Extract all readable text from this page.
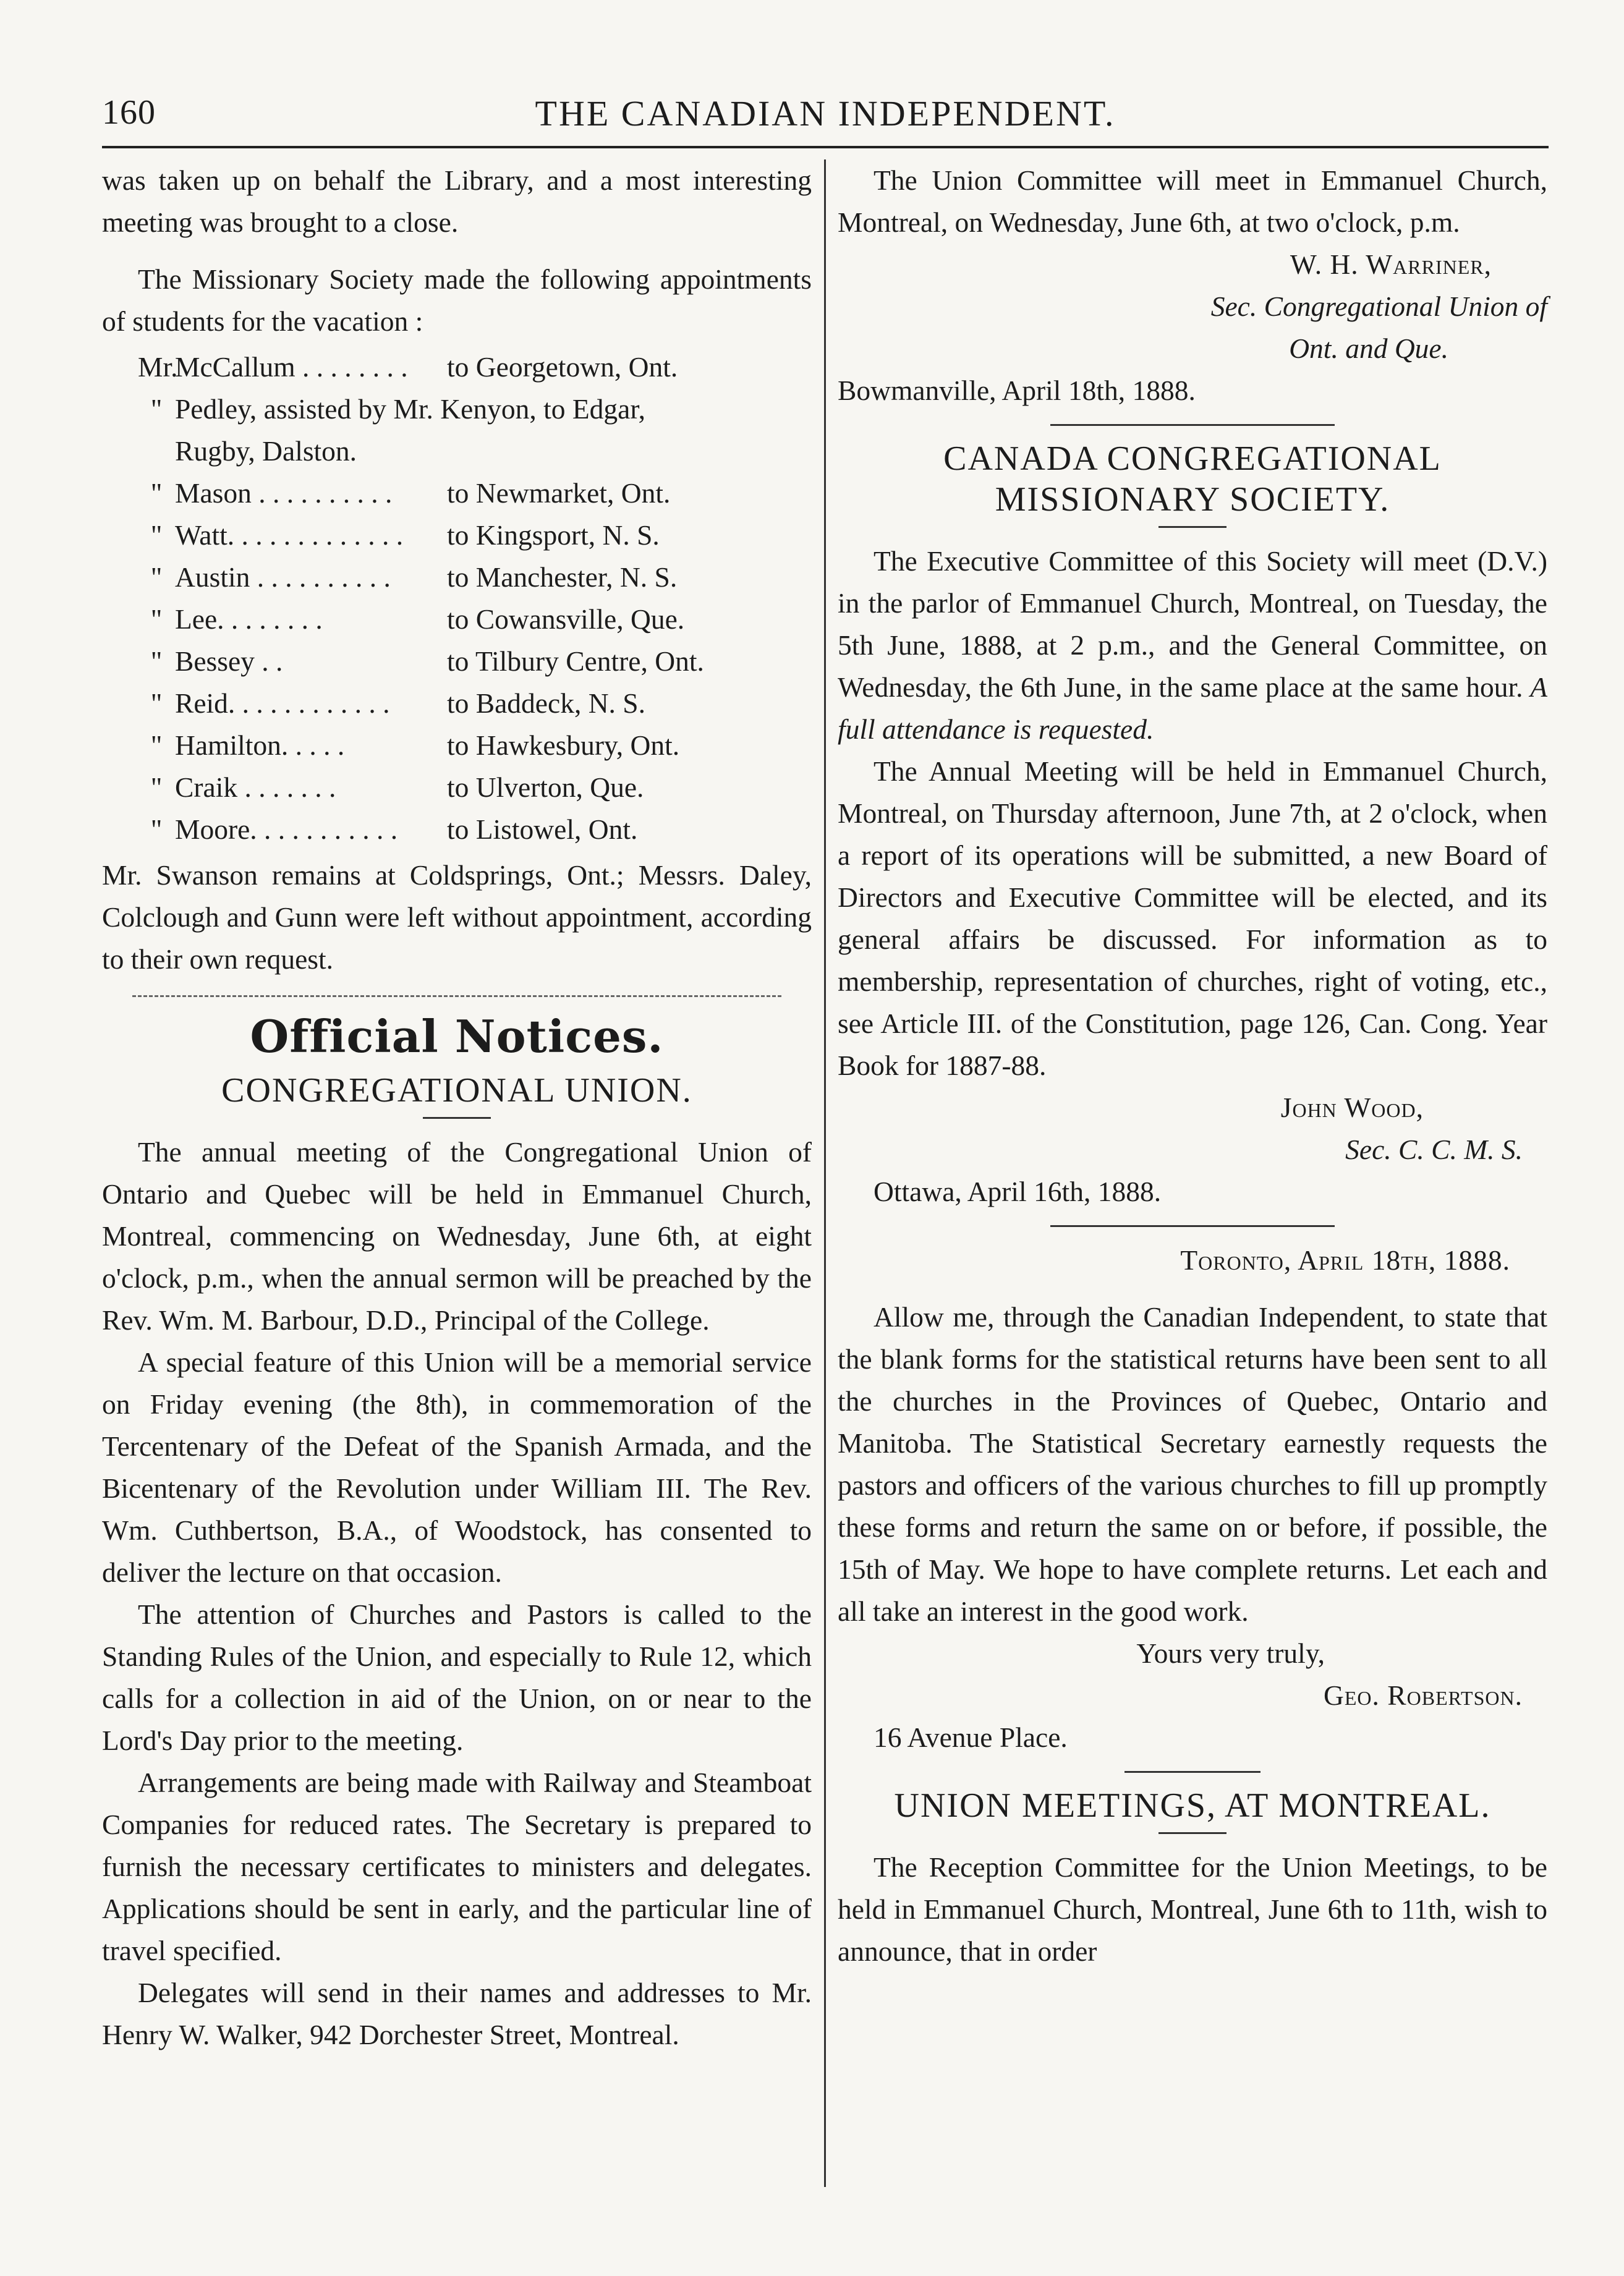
160	THE CANADIAN INDEPENDENT.

was taken up on behalf the Library, and a most interesting meeting was brought to a close.

The Missionary Society made the following appointments of students for the vacation :

Mr.
McCallum . . . . . . . .	to Georgetown, Ont.
" Pedley, assisted by Mr. Kenyon, to Edgar,
Rugby, Dalston.
" Mason . . . . . . . . . .	to Newmarket, Ont.
" Watt. . . . . . . . . . . . .	to Kingsport, N. S.
" Austin . . . . . . . . . .	to Manchester, N. S.
" Lee. . . . . . . .	to Cowansville, Que.
" Bessey . .	to Tilbury Centre, Ont.
" Reid. . . . . . . . . . . .	to Baddeck, N. S.
" Hamilton. . . . .	to Hawkesbury, Ont.
" Craik . . . . . . .	to Ulverton, Que.
" Moore. . . . . . . . . . .	to Listowel, Ont.

Mr. Swanson remains at Coldsprings, Ont.; Messrs. Daley, Colclough and Gunn were left without appointment, according to their own request.

Official Notices.
CONGREGATIONAL UNION.

The annual meeting of the Congregational Union of Ontario and Quebec will be held in Emmanuel Church, Montreal, commencing on Wednesday, June 6th, at eight o'clock, p.m., when the annual sermon will be preached by the Rev. Wm. M. Barbour, D.D., Principal of the College.

A special feature of this Union will be a memorial service on Friday evening (the 8th), in commemoration of the Tercentenary of the Defeat of the Spanish Armada, and the Bicentenary of the Revolution under William III. The Rev. Wm. Cuthbertson, B.A., of Woodstock, has consented to deliver the lecture on that occasion.

The attention of Churches and Pastors is called to the Standing Rules of the Union, and especially to Rule 12, which calls for a collection in aid of the Union, on or near to the Lord's Day prior to the meeting.

Arrangements are being made with Railway and Steamboat Companies for reduced rates. The Secretary is prepared to furnish the necessary certificates to ministers and delegates. Applications should be sent in early, and the particular line of travel specified.

Delegates will send in their names and addresses to Mr. Henry W. Walker, 942 Dorchester Street, Montreal.

The Union Committee will meet in Emmanuel Church, Montreal, on Wednesday, June 6th, at two o'clock, p.m.

W. H. Warriner,
Sec. Congregational Union of
Ont. and Que.

Bowmanville, April 18th, 1888.

CANADA CONGREGATIONAL MISSIONARY SOCIETY.

The Executive Committee of this Society will meet (D.V.) in the parlor of Emmanuel Church, Montreal, on Tuesday, the 5th June, 1888, at 2 p.m., and the General Committee, on Wednesday, the 6th June, in the same place at the same hour. A full attendance is requested.

The Annual Meeting will be held in Emmanuel Church, Montreal, on Thursday afternoon, June 7th, at 2 o'clock, when a report of its operations will be submitted, a new Board of Directors and Executive Committee will be elected, and its general affairs be discussed. For information as to membership, representation of churches, right of voting, etc., see Article III. of the Constitution, page 126, Can. Cong. Year Book for 1887-88.

John Wood,
Sec. C. C. M. S.

Ottawa, April 16th, 1888.

Toronto, April 18th, 1888.

Allow me, through the Canadian Independent, to state that the blank forms for the statistical returns have been sent to all the churches in the Provinces of Quebec, Ontario and Manitoba. The Statistical Secretary earnestly requests the pastors and officers of the various churches to fill up promptly these forms and return the same on or before, if possible, the 15th of May. We hope to have complete returns. Let each and all take an interest in the good work.

Yours very truly,
Geo. Robertson.

16 Avenue Place.

UNION MEETINGS, AT MONTREAL.

The Reception Committee for the Union Meetings, to be held in Emmanuel Church, Montreal, June 6th to 11th, wish to announce, that in order
